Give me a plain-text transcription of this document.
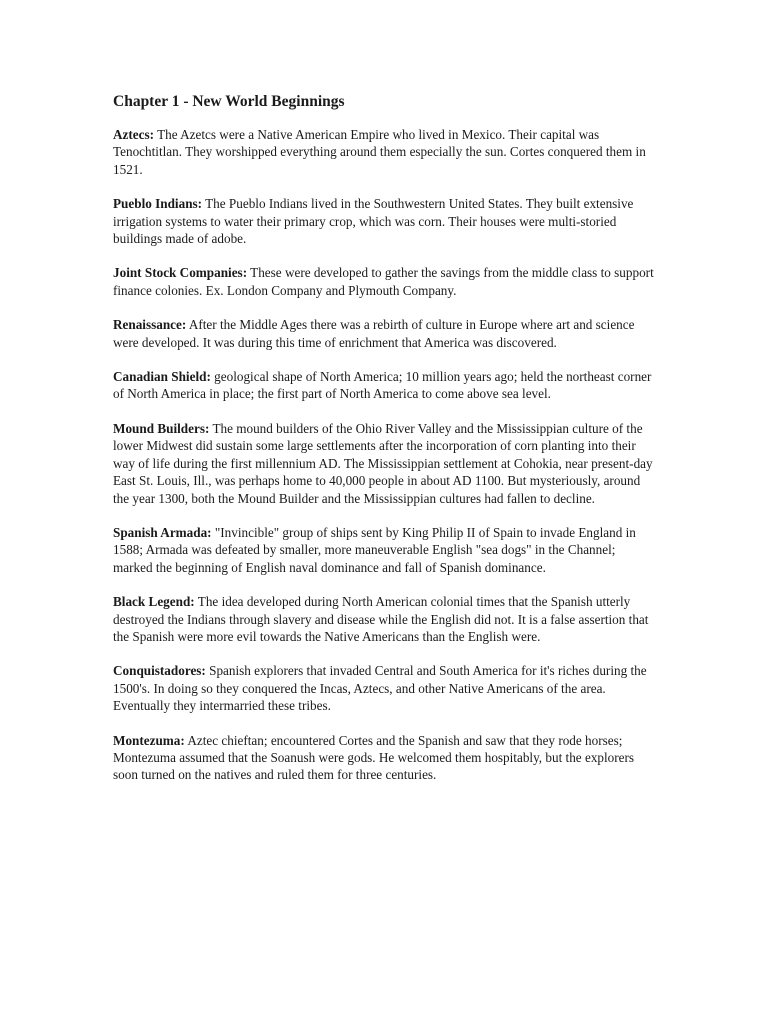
Chapter 1 - New World Beginnings

Aztecs: The Azetcs were a Native American Empire who lived in Mexico. Their capital was Tenochtitlan. They worshipped everything around them especially the sun. Cortes conquered them in 1521.

Pueblo Indians: The Pueblo Indians lived in the Southwestern United States. They built extensive irrigation systems to water their primary crop, which was corn. Their houses were multi-storied buildings made of adobe.

Joint Stock Companies: These were developed to gather the savings from the middle class to support finance colonies. Ex. London Company and Plymouth Company.

Renaissance: After the Middle Ages there was a rebirth of culture in Europe where art and science were developed. It was during this time of enrichment that America was discovered.

Canadian Shield: geological shape of North America; 10 million years ago; held the northeast corner of North America in place; the first part of North America to come above sea level.

Mound Builders: The mound builders of the Ohio River Valley and the Mississippian culture of the lower Midwest did sustain some large settlements after the incorporation of corn planting into their way of life during the first millennium AD. The Mississippian settlement at Cohokia, near present-day East St. Louis, Ill., was perhaps home to 40,000 people in about AD 1100. But mysteriously, around the year 1300, both the Mound Builder and the Mississippian cultures had fallen to decline.

Spanish Armada: "Invincible" group of ships sent by King Philip II of Spain to invade England in 1588; Armada was defeated by smaller, more maneuverable English "sea dogs" in the Channel; marked the beginning of English naval dominance and fall of Spanish dominance.

Black Legend: The idea developed during North American colonial times that the Spanish utterly destroyed the Indians through slavery and disease while the English did not. It is a false assertion that the Spanish were more evil towards the Native Americans than the English were.

Conquistadores: Spanish explorers that invaded Central and South America for it's riches during the 1500's. In doing so they conquered the Incas, Aztecs, and other Native Americans of the area. Eventually they intermarried these tribes.

Montezuma: Aztec chieftan; encountered Cortes and the Spanish and saw that they rode horses; Montezuma assumed that the Soanush were gods. He welcomed them hospitably, but the explorers soon turned on the natives and ruled them for three centuries.
